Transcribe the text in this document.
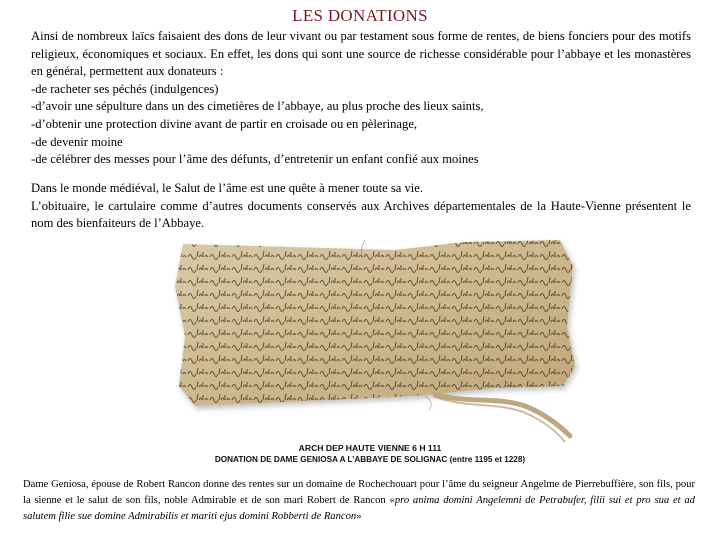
LES DONATIONS

Ainsi de nombreux laïcs faisaient des dons de leur vivant ou par testament sous forme de rentes, de biens fonciers pour des motifs religieux, économiques et sociaux. En effet, les dons qui sont une source de richesse considérable pour l’abbaye et les monastères en général, permettent aux donateurs :

-de racheter ses péchés (indulgences)
-d’avoir une sépulture dans un des cimetières de l’abbaye, au plus proche des lieux saints,
-d’obtenir une protection divine avant de partir en croisade ou en pèlerinage,
-de devenir moine
-de célébrer des messes pour l’âme des défunts, d’entretenir un enfant confié aux moines

Dans le monde médiéval, le Salut de l’âme est une quête à mener toute sa vie.

L’obituaire, le cartulaire comme d’autres documents conservés aux Archives départementales de la Haute-Vienne présentent le nom des bienfaiteurs de l’Abbaye.

ARCH DEP HAUTE VIENNE 6 H 111
DONATION DE DAME GENIOSA A L’ABBAYE DE SOLIGNAC (entre 1195 et 1228)

Dame Geniosa, épouse de Robert Rancon donne des rentes sur un domaine de Rochechouart pour l’âme du seigneur Angelme de Pierrebuffière, son fils, pour la sienne et le salut de son fils, noble Admirable et de son mari Robert de Rancon «pro anima domini Angelemni de Petrabufer, filii sui et pro sua et ad salutem filie sue domine Admirabilis et mariti ejus domini Robberti de Rancon»
